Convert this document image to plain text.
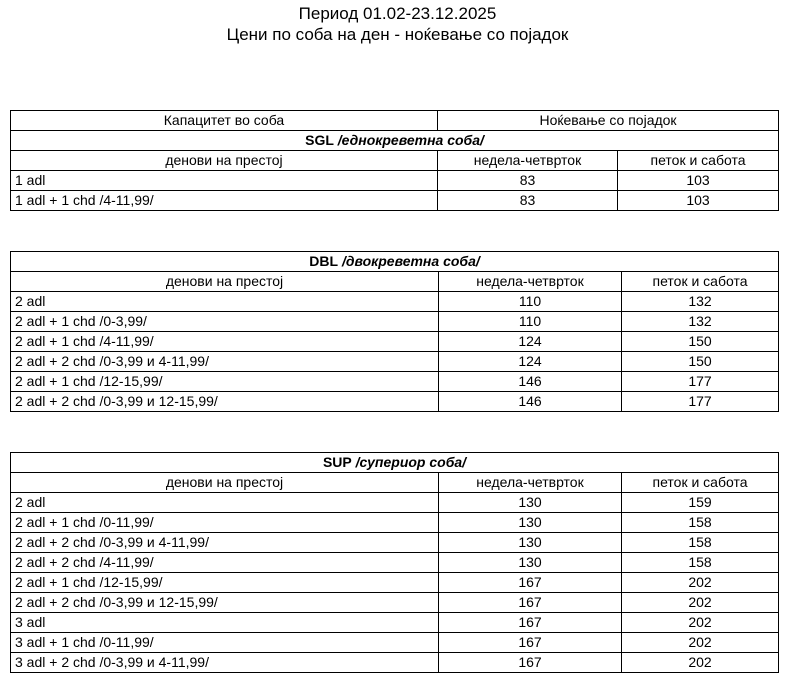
Период 01.02-23.12.2025
Цени по соба на ден - ноќевање со појадок
Капацитет во соба	Ноќевање со појадок	
SGL /еднокреветна соба/		
денови на престој	недела-четврток	петок и сабота
1 adl	83	103
1 adl + 1 chd /4-11,99/	83	103
DBL /двокреветна соба/		
денови на престој	недела-четврток	петок и сабота
2 adl	110	132
2 adl + 1 chd /0-3,99/	110	132
2 adl + 1 chd /4-11,99/	124	150
2 adl + 2 chd /0-3,99 и 4-11,99/	124	150
2 adl + 1 chd /12-15,99/	146	177
2 adl + 2 chd /0-3,99 и 12-15,99/	146	177
SUP /супериор соба/		
денови на престој	недела-четврток	петок и сабота
2 adl	130	159
2 adl + 1 chd /0-11,99/	130	158
2 adl + 2 chd /0-3,99 и 4-11,99/	130	158
2 adl + 2 chd /4-11,99/	130	158
2 adl + 1 chd /12-15,99/	167	202
2 adl + 2 chd /0-3,99 и 12-15,99/	167	202
3 adl	167	202
3 adl + 1 chd /0-11,99/	167	202
3 adl + 2 chd /0-3,99 и 4-11,99/	167	202
